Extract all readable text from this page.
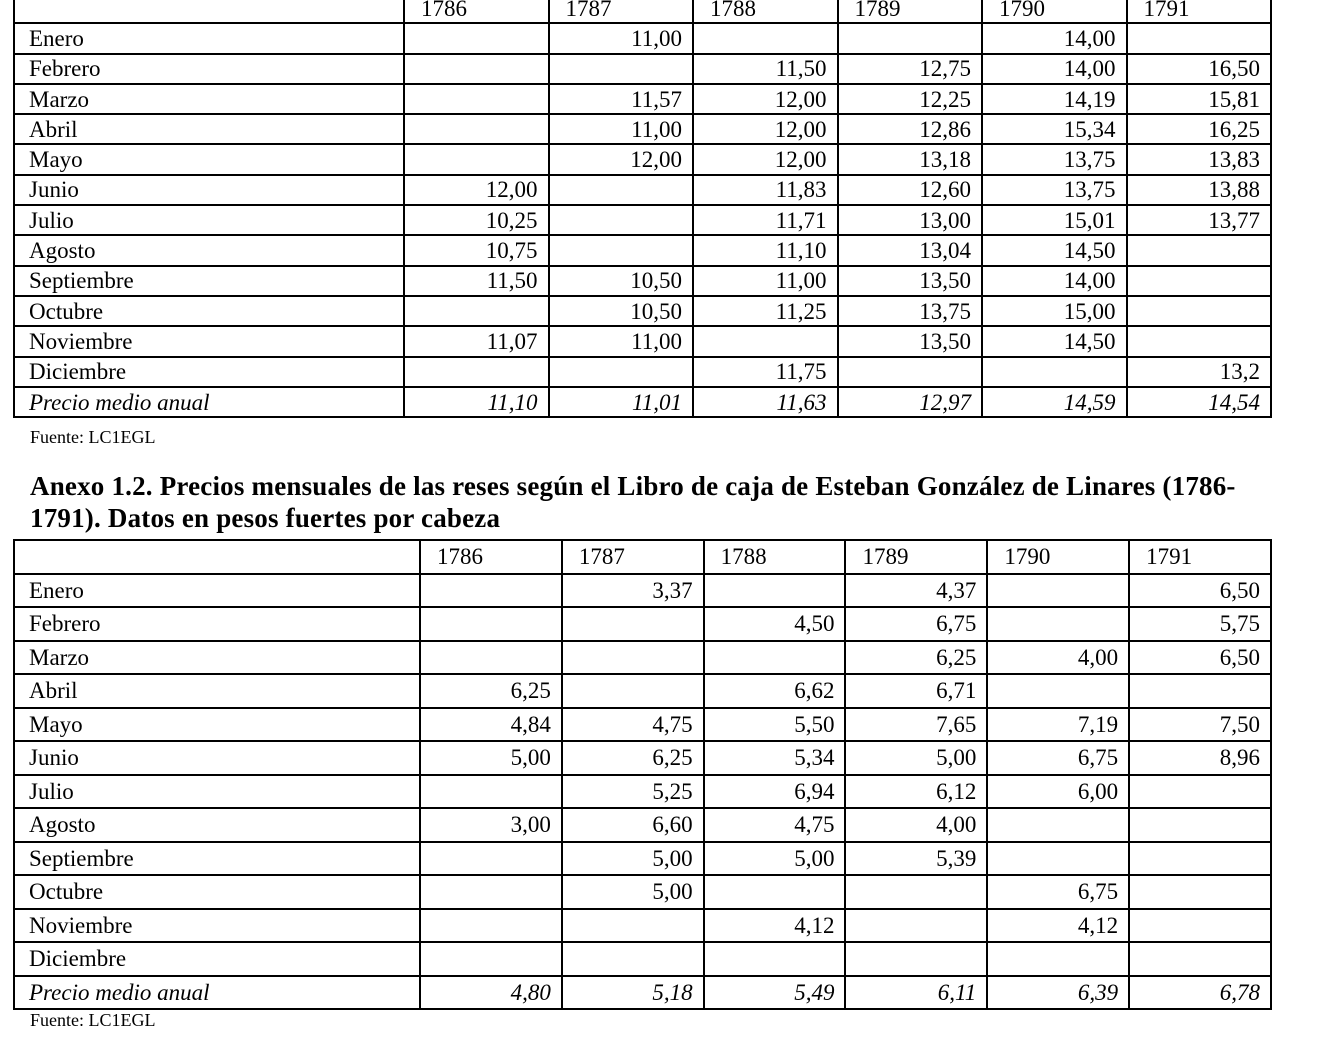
	1786	1787	1788	1789	1790	1791
Enero		11,00			14,00	
Febrero			11,50	12,75	14,00	16,50
Marzo		11,57	12,00	12,25	14,19	15,81
Abril		11,00	12,00	12,86	15,34	16,25
Mayo		12,00	12,00	13,18	13,75	13,83
Junio	12,00		11,83	12,60	13,75	13,88
Julio	10,25		11,71	13,00	15,01	13,77
Agosto	10,75		11,10	13,04	14,50	
Septiembre	11,50	10,50	11,00	13,50	14,00	
Octubre		10,50	11,25	13,75	15,00	
Noviembre	11,07	11,00		13,50	14,50	
Diciembre			11,75			13,2
Precio medio anual	11,10	11,01	11,63	12,97	14,59	14,54
Fuente: LC1EGL
Anexo 1.2. Precios mensuales de las reses según el Libro de caja de Esteban González de Linares (1786-1791). Datos en pesos fuertes por cabeza
	1786	1787	1788	1789	1790	1791
Enero		3,37		4,37		6,50
Febrero			4,50	6,75		5,75
Marzo				6,25	4,00	6,50
Abril	6,25		6,62	6,71		
Mayo	4,84	4,75	5,50	7,65	7,19	7,50
Junio	5,00	6,25	5,34	5,00	6,75	8,96
Julio		5,25	6,94	6,12	6,00	
Agosto	3,00	6,60	4,75	4,00		
Septiembre		5,00	5,00	5,39		
Octubre		5,00			6,75	
Noviembre			4,12		4,12	
Diciembre						
Precio medio anual	4,80	5,18	5,49	6,11	6,39	6,78
Fuente: LC1EGL
